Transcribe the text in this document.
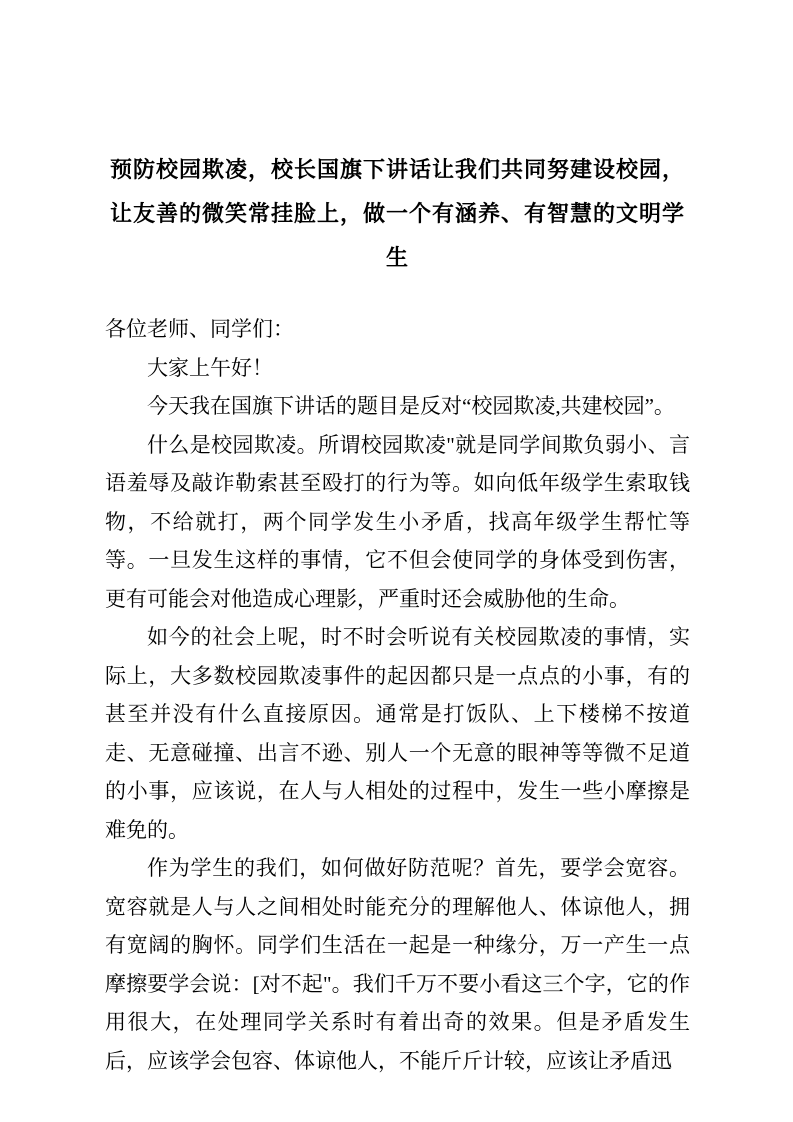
预防校园欺凌，校长国旗下讲话让我们共同努建设校园，让友善的微笑常挂脸上，做一个有涵养、有智慧的文明学生

各位老师、同学们：

大家上午好！

今天我在国旗下讲话的题目是反对“校园欺凌,共建校园”。

什么是校园欺凌。所谓校园欺凌"就是同学间欺负弱小、言语羞辱及敲诈勒索甚至殴打的行为等。如向低年级学生索取钱物，不给就打，两个同学发生小矛盾，找高年级学生帮忙等等。一旦发生这样的事情，它不但会使同学的身体受到伤害，更有可能会对他造成心理影，严重时还会威胁他的生命。

如今的社会上呢，时不时会听说有关校园欺凌的事情，实际上，大多数校园欺凌事件的起因都只是一点点的小事，有的甚至并没有什么直接原因。通常是打饭队、上下楼梯不按道走、无意碰撞、出言不逊、别人一个无意的眼神等等微不足道的小事，应该说，在人与人相处的过程中，发生一些小摩擦是难免的。

作为学生的我们，如何做好防范呢？首先，要学会宽容。宽容就是人与人之间相处时能充分的理解他人、体谅他人，拥有宽阔的胸怀。同学们生活在一起是一种缘分，万一产生一点摩擦要学会说：[对不起"。我们千万不要小看这三个字，它的作用很大，在处理同学关系时有着出奇的效果。但是矛盾发生后，应该学会包容、体谅他人，不能斤斤计较，应该让矛盾迅
